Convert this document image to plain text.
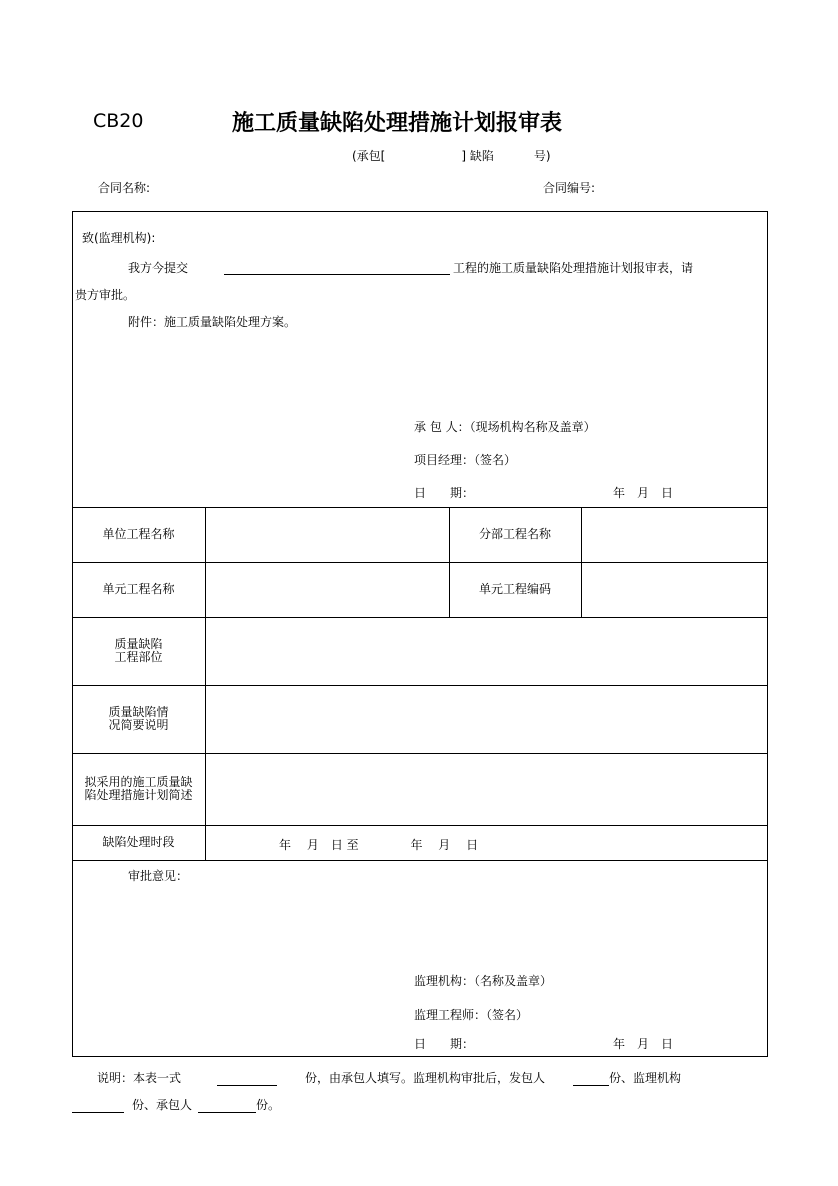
CB20	施工质量缺陷处理措施计划报审表
(承包[	] 缺陷	号)
合同名称:	合同编号:
致(监理机构):
我方今提交	工程的施工质量缺陷处理措施计划报审表，请
贵方审批。
附件：施工质量缺陷处理方案。
承 包 人：（现场机构名称及盖章）
项目经理：（签名）
日　　期：	年　月　日
单位工程名称	分部工程名称
单元工程名称	单元工程编码
质量缺陷
工程部位
质量缺陷情
况简要说明
拟采用的施工质量缺
陷处理措施计划简述
缺陷处理时段	年　 月　日 至　　　　 年　 月　 日
审批意见：
监理机构：（名称及盖章）
监理工程师：（签名）
日　　期：	年　月　日
说明：本表一式	份，由承包人填写。监理机构审批后，发包人	份、监理机构
份、承包人	份。
